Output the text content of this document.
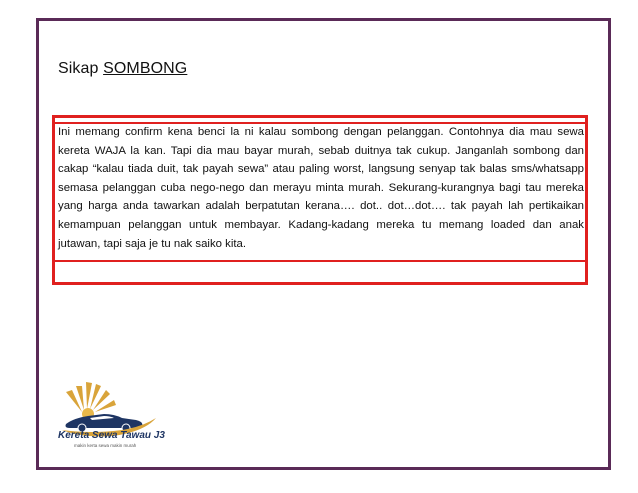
Sikap SOMBONG
Ini memang confirm kena benci la ni kalau sombong dengan pelanggan. Contohnya dia mau sewa kereta WAJA la kan. Tapi dia mau bayar murah, sebab duitnya tak cukup. Janganlah sombong dan cakap “kalau tiada duit, tak payah sewa” atau paling worst, langsung senyap tak balas sms/whatsapp semasa pelanggan cuba nego-nego dan merayu minta murah. Sekurang-kurangnya bagi tau mereka yang harga anda tawarkan adalah berpatutan kerana…. dot.. dot…dot…. tak payah lah pertikaikan kemampuan pelanggan untuk membayar. Kadang-kadang mereka tu memang loaded dan anak jutawan, tapi saja je tu nak saiko kita.
Kereta Sewa Tawau J3
makin kerta sewa makin murah
